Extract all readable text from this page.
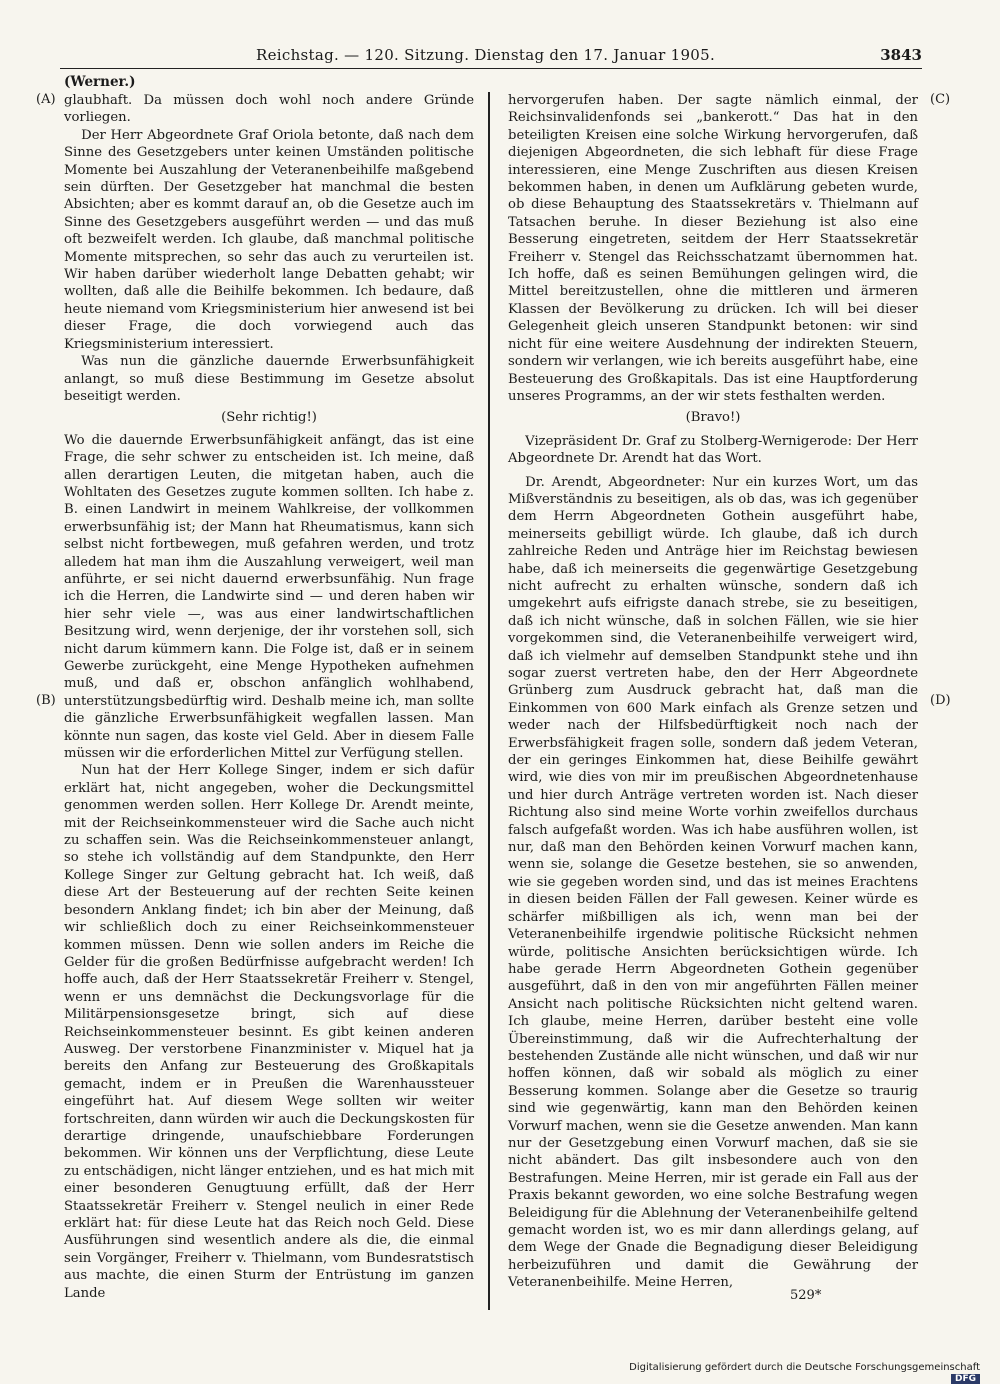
Reichstag. — 120. Sitzung. Dienstag den 17. Januar 1905.	3843
(Werner.)
(A)
(B)
(C)
(D)

glaubhaft. Da müssen doch wohl noch andere Gründe vorliegen.

Der Herr Abgeordnete Graf Oriola betonte, daß nach dem Sinne des Gesetzgebers unter keinen Umständen politische Momente bei Auszahlung der Veteranenbeihilfe maßgebend sein dürften. Der Gesetzgeber hat manchmal die besten Absichten; aber es kommt darauf an, ob die Gesetze auch im Sinne des Gesetzgebers ausgeführt werden — und das muß oft bezweifelt werden. Ich glaube, daß manchmal politische Momente mitsprechen, so sehr das auch zu verurteilen ist. Wir haben darüber wiederholt lange Debatten gehabt; wir wollten, daß alle die Beihilfe bekommen. Ich bedaure, daß heute niemand vom Kriegsministerium hier anwesend ist bei dieser Frage, die doch vorwiegend auch das Kriegsministerium interessiert.

Was nun die gänzliche dauernde Erwerbsunfähigkeit anlangt, so muß diese Bestimmung im Gesetze absolut beseitigt werden.

(Sehr richtig!)

Wo die dauernde Erwerbsunfähigkeit anfängt, das ist eine Frage, die sehr schwer zu entscheiden ist. Ich meine, daß allen derartigen Leuten, die mitgetan haben, auch die Wohltaten des Gesetzes zugute kommen sollten. Ich habe z. B. einen Landwirt in meinem Wahlkreise, der vollkommen erwerbsunfähig ist; der Mann hat Rheumatismus, kann sich selbst nicht fortbewegen, muß gefahren werden, und trotz alledem hat man ihm die Auszahlung verweigert, weil man anführte, er sei nicht dauernd erwerbsunfähig. Nun frage ich die Herren, die Landwirte sind — und deren haben wir hier sehr viele —, was aus einer landwirtschaftlichen Besitzung wird, wenn derjenige, der ihr vorstehen soll, sich nicht darum kümmern kann. Die Folge ist, daß er in seinem Gewerbe zurückgeht, eine Menge Hypotheken aufnehmen muß, und daß er, obschon anfänglich wohlhabend, unterstützungsbedürftig wird. Deshalb meine ich, man sollte die gänzliche Erwerbsunfähigkeit wegfallen lassen. Man könnte nun sagen, das koste viel Geld. Aber in diesem Falle müssen wir die erforderlichen Mittel zur Verfügung stellen.

Nun hat der Herr Kollege Singer, indem er sich dafür erklärt hat, nicht angegeben, woher die Deckungsmittel genommen werden sollen. Herr Kollege Dr. Arendt meinte, mit der Reichseinkommensteuer wird die Sache auch nicht zu schaffen sein. Was die Reichseinkommensteuer anlangt, so stehe ich vollständig auf dem Standpunkte, den Herr Kollege Singer zur Geltung gebracht hat. Ich weiß, daß diese Art der Besteuerung auf der rechten Seite keinen besondern Anklang findet; ich bin aber der Meinung, daß wir schließlich doch zu einer Reichseinkommensteuer kommen müssen. Denn wie sollen anders im Reiche die Gelder für die großen Bedürfnisse aufgebracht werden! Ich hoffe auch, daß der Herr Staatssekretär Freiherr v. Stengel, wenn er uns demnächst die Deckungsvorlage für die Militärpensionsgesetze bringt, sich auf diese Reichseinkommensteuer besinnt. Es gibt keinen anderen Ausweg. Der verstorbene Finanzminister v. Miquel hat ja bereits den Anfang zur Besteuerung des Großkapitals gemacht, indem er in Preußen die Warenhaussteuer eingeführt hat. Auf diesem Wege sollten wir weiter fortschreiten, dann würden wir auch die Deckungskosten für derartige dringende, unaufschiebbare Forderungen bekommen. Wir können uns der Verpflichtung, diese Leute zu entschädigen, nicht länger entziehen, und es hat mich mit einer besonderen Genugtuung erfüllt, daß der Herr Staatssekretär Freiherr v. Stengel neulich in einer Rede erklärt hat: für diese Leute hat das Reich noch Geld. Diese Ausführungen sind wesentlich andere als die, die einmal sein Vorgänger, Freiherr v. Thielmann, vom Bundesratstisch aus machte, die einen Sturm der Entrüstung im ganzen Lande

hervorgerufen haben. Der sagte nämlich einmal, der Reichsinvalidenfonds sei „bankerott.“ Das hat in den beteiligten Kreisen eine solche Wirkung hervorgerufen, daß diejenigen Abgeordneten, die sich lebhaft für diese Frage interessieren, eine Menge Zuschriften aus diesen Kreisen bekommen haben, in denen um Aufklärung gebeten wurde, ob diese Behauptung des Staatssekretärs v. Thielmann auf Tatsachen beruhe. In dieser Beziehung ist also eine Besserung eingetreten, seitdem der Herr Staatssekretär Freiherr v. Stengel das Reichsschatzamt übernommen hat. Ich hoffe, daß es seinen Bemühungen gelingen wird, die Mittel bereitzustellen, ohne die mittleren und ärmeren Klassen der Bevölkerung zu drücken. Ich will bei dieser Gelegenheit gleich unseren Standpunkt betonen: wir sind nicht für eine weitere Ausdehnung der indirekten Steuern, sondern wir verlangen, wie ich bereits ausgeführt habe, eine Besteuerung des Großkapitals. Das ist eine Hauptforderung unseres Programms, an der wir stets festhalten werden.

(Bravo!)

Vizepräsident Dr. Graf zu Stolberg-Wernigerode: Der Herr Abgeordnete Dr. Arendt hat das Wort.

Dr. Arendt, Abgeordneter: Nur ein kurzes Wort, um das Mißverständnis zu beseitigen, als ob das, was ich gegenüber dem Herrn Abgeordneten Gothein ausgeführt habe, meinerseits gebilligt würde. Ich glaube, daß ich durch zahlreiche Reden und Anträge hier im Reichstag bewiesen habe, daß ich meinerseits die gegenwärtige Gesetzgebung nicht aufrecht zu erhalten wünsche, sondern daß ich umgekehrt aufs eifrigste danach strebe, sie zu beseitigen, daß ich nicht wünsche, daß in solchen Fällen, wie sie hier vorgekommen sind, die Veteranenbeihilfe verweigert wird, daß ich vielmehr auf demselben Standpunkt stehe und ihn sogar zuerst vertreten habe, den der Herr Abgeordnete Grünberg zum Ausdruck gebracht hat, daß man die Einkommen von 600 Mark einfach als Grenze setzen und weder nach der Hilfsbedürftigkeit noch nach der Erwerbsfähigkeit fragen solle, sondern daß jedem Veteran, der ein geringes Einkommen hat, diese Beihilfe gewährt wird, wie dies von mir im preußischen Abgeordnetenhause und hier durch Anträge vertreten worden ist. Nach dieser Richtung also sind meine Worte vorhin zweifellos durchaus falsch aufgefaßt worden. Was ich habe ausführen wollen, ist nur, daß man den Behörden keinen Vorwurf machen kann, wenn sie, solange die Gesetze bestehen, sie so anwenden, wie sie gegeben worden sind, und das ist meines Erachtens in diesen beiden Fällen der Fall gewesen. Keiner würde es schärfer mißbilligen als ich, wenn man bei der Veteranenbeihilfe irgendwie politische Rücksicht nehmen würde, politische Ansichten berücksichtigen würde. Ich habe gerade Herrn Abgeordneten Gothein gegenüber ausgeführt, daß in den von mir angeführten Fällen meiner Ansicht nach politische Rücksichten nicht geltend waren. Ich glaube, meine Herren, darüber besteht eine volle Übereinstimmung, daß wir die Aufrechterhaltung der bestehenden Zustände alle nicht wünschen, und daß wir nur hoffen können, daß wir sobald als möglich zu einer Besserung kommen. Solange aber die Gesetze so traurig sind wie gegenwärtig, kann man den Behörden keinen Vorwurf machen, wenn sie die Gesetze anwenden. Man kann nur der Gesetzgebung einen Vorwurf machen, daß sie sie nicht abändert. Das gilt insbesondere auch von den Bestrafungen. Meine Herren, mir ist gerade ein Fall aus der Praxis bekannt geworden, wo eine solche Bestrafung wegen Beleidigung für die Ablehnung der Veteranenbeihilfe geltend gemacht worden ist, wo es mir dann allerdings gelang, auf dem Wege der Gnade die Begnadigung dieser Beleidigung herbeizuführen und damit die Gewährung der Veteranenbeihilfe. Meine Herren,

529*
Digitalisierung gefördert durch die Deutsche ForschungsgemeinschaftDFG
